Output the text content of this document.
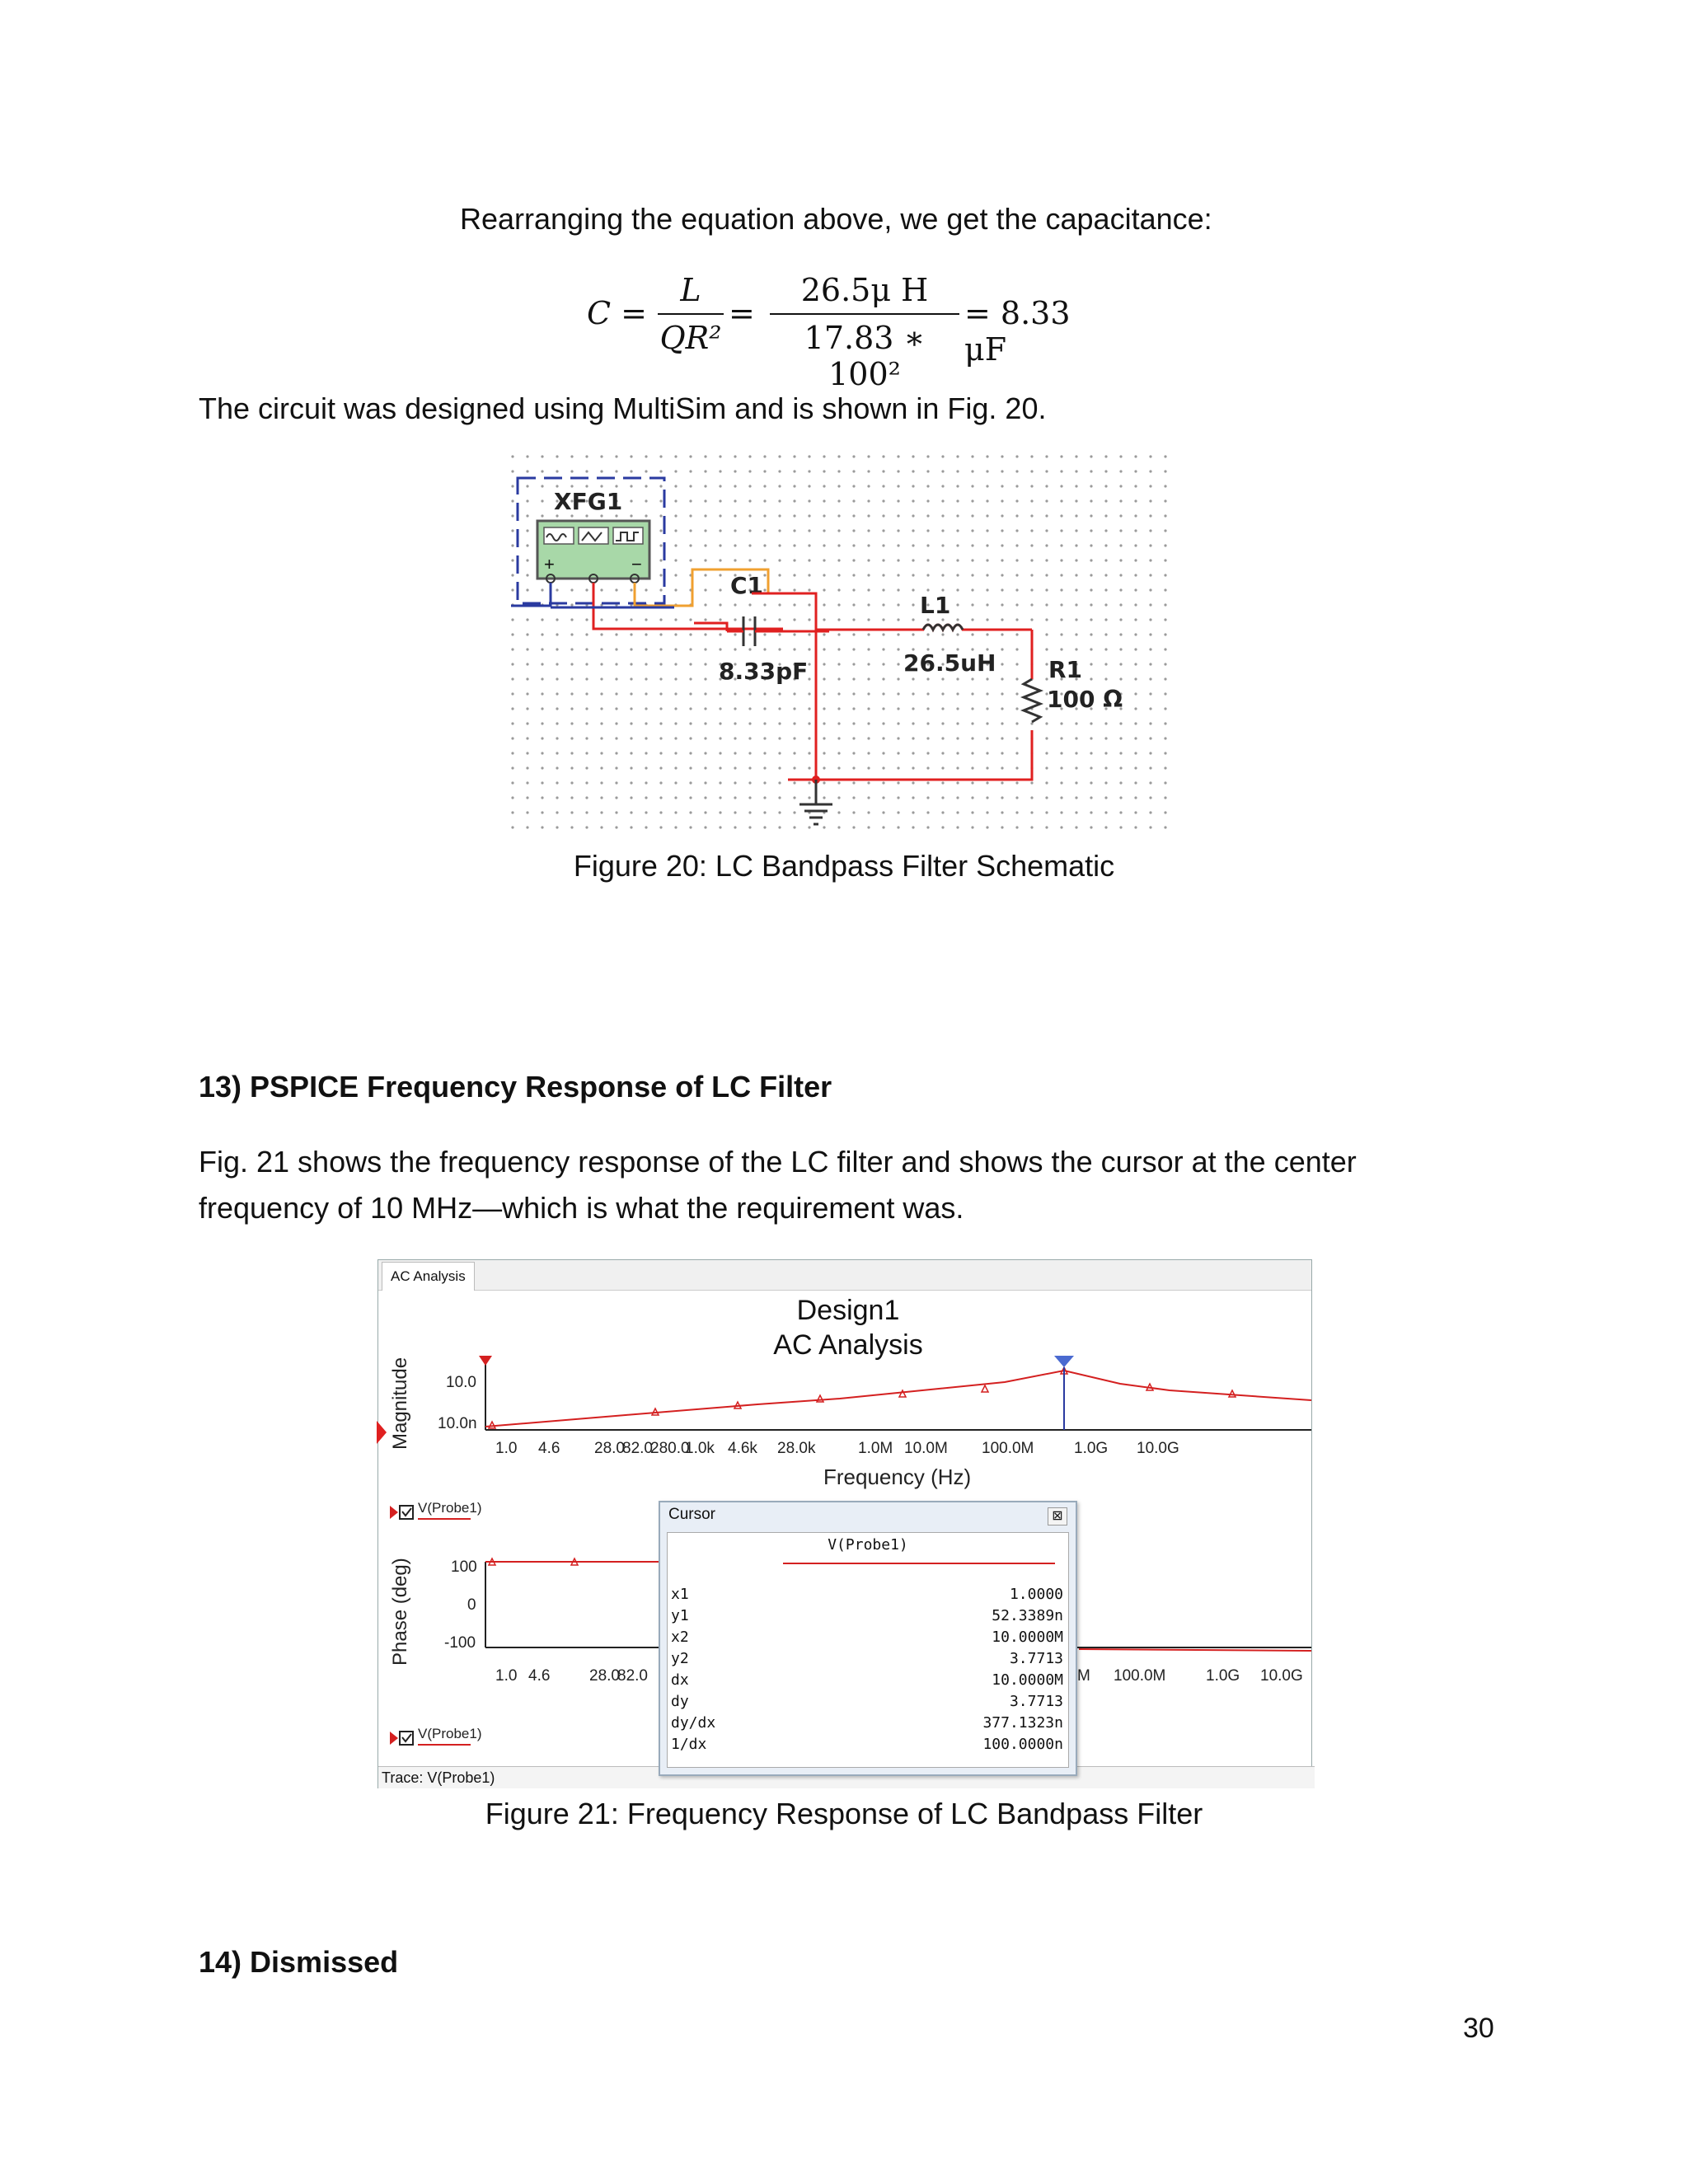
Rearranging the equation above, we get the capacitance:
C =
L
QR²
=
26.5μ H
17.83 ∗ 100²
= 8.33 μF
The circuit was designed using MultiSim and is shown in Fig. 20.
XFG1
+	−
C1
8.33pF
L1
26.5uH R1
100 Ω
Figure 20: LC Bandpass Filter Schematic
13) PSPICE Frequency Response of LC Filter
Fig. 21 shows the frequency response of the LC filter and shows the cursor at the center frequency of 10 MHz—which is what the requirement was.
AC Analysis
Design1
AC Analysis
Magnitude 10.0
10.0n
1.0 4.6 28.0
82.0
280.0
1.0k 4.6k 28.0k	1.0M 10.0M 100.0M	1.0G 10.0G
Frequency (Hz)
V(Probe1)
Phase (deg)	100
0
-100
1.0 4.6	28.0
82.0	M 100.0M	1.0G 10.0G
V(Probe1)
Trace: V(Probe1)
Cursor	⊠
V(Probe1)
x1	1.0000
y1	52.3389n
x2	10.0000M
y2	3.7713
dx	10.0000M
dy	3.7713
dy/dx	377.1323n
1/dx	100.0000n
Figure 21: Frequency Response of LC Bandpass Filter
14) Dismissed
30
